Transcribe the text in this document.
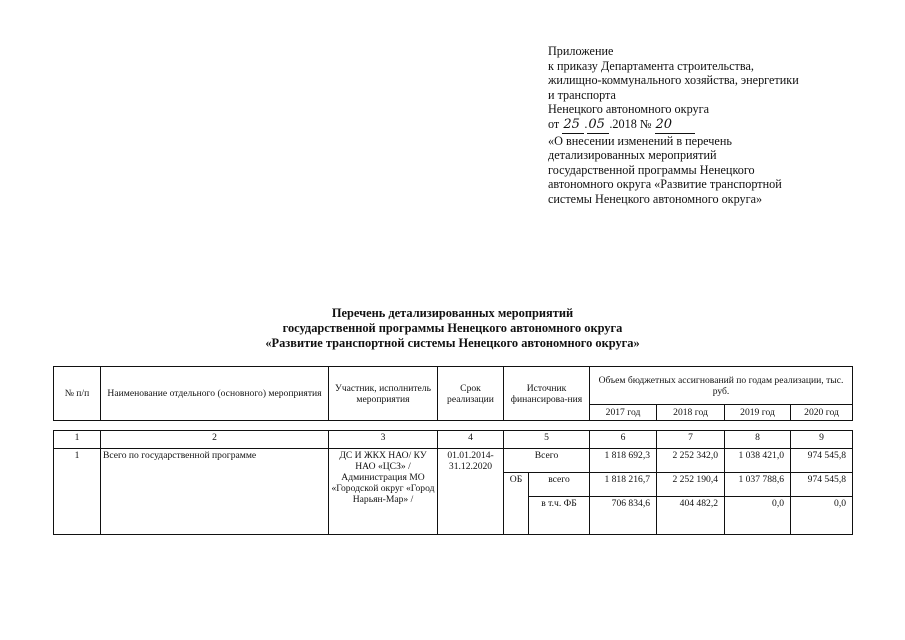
Приложение
к приказу Департамента строительства,
жилищно-коммунального хозяйства, энергетики
и транспорта
Ненецкого автономного округа
от 25 .05 .2018 № 20
«О внесении изменений в перечень
детализированных мероприятий
государственной программы Ненецкого
автономного округа «Развитие транспортной
системы Ненецкого автономного округа»
Перечень детализированных мероприятий
государственной программы Ненецкого автономного округа
«Развитие транспортной системы Ненецкого автономного округа»
№ п/п	Наименование отдельного (основного) мероприятия	Участник, исполнитель мероприятия	Срок реализации	Источник финансирова-ния	Объем бюджетных ассигнований по годам реализации, тыс. руб.			
					2017 год	2018 год	2019 год	2020 год
1	2	3	4	5		6	7	8	9
1	Всего по государственной программе	ДС И ЖКХ НАО/ КУ НАО «ЦСЗ» /Администрация МО «Городской округ «Город Нарьян-Мар» /	01.01.2014-31.12.2020	Всего		1 818 692,3	2 252 342,0	1 038 421,0	974 545,8
				ОБ	всего	1 818 216,7	2 252 190,4	1 037 788,6	974 545,8
					в т.ч. ФБ	706 834,6	404 482,2	0,0	0,0
